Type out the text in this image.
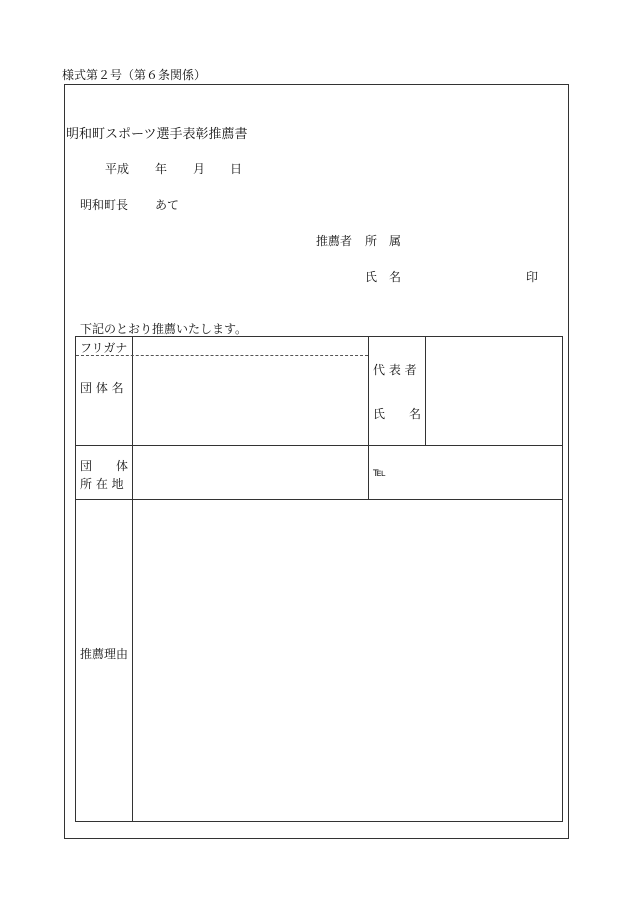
様式第２号（第６条関係）
明和町スポーツ選手表彰推薦書
平成 年 月 日
明和町長 あて
推薦者 所　属
氏　名	印
下記のとおり推薦いたします。
フリガナ
団 体 名
代 表 者
氏　　名
団　　体
所 在 地
℡
推薦理由
